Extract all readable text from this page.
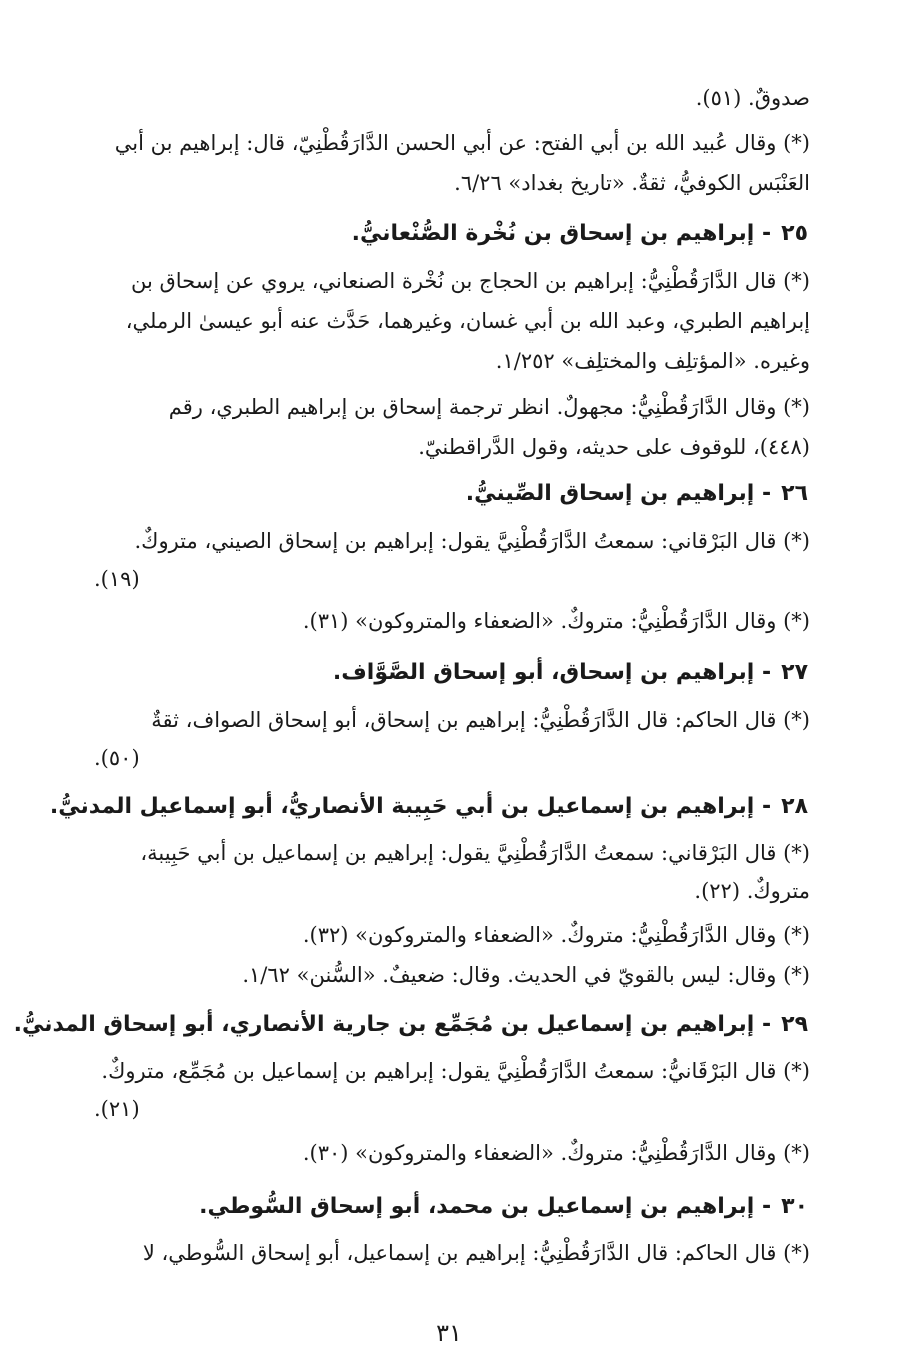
صدوقٌ. (٥١).
(*) وقال عُبيد الله بن أبي الفتح: عن أبي الحسن الدَّارَقُطْنِيّ، قال: إبراهيم بن أبي
العَنْبَس الكوفيُّ، ثقةٌ. «تاريخ بغداد» ٦/٢٦.
٢٥- إبراهيم بن إسحاق بن نُخْرة الصُّنْعانيُّ.
(*) قال الدَّارَقُطْنِيُّ: إبراهيم بن الحجاج بن نُخْرة الصنعاني، يروي عن إسحاق بن
إبراهيم الطبري، وعبد الله بن أبي غسان، وغيرهما، حَدَّث عنه أبو عيسىٰ الرملي،
وغيره. «المؤتلِف والمختلِف» ١/٢٥٢.
(*) وقال الدَّارَقُطْنِيُّ: مجهولٌ. انظر ترجمة إسحاق بن إبراهيم الطبري، رقم
(٤٤٨)، للوقوف على حديثه، وقول الدَّراقطنيّ.
٢٦- إبراهيم بن إسحاق الصِّينيُّ.
(*) قال البَرْقاني: سمعتُ الدَّارَقُطْنِيَّ يقول: إبراهيم بن إسحاق الصيني، متروكٌ.
(١٩).
(*) وقال الدَّارَقُطْنِيُّ: متروكٌ. «الضعفاء والمتروكون» (٣١).
٢٧- إبراهيم بن إسحاق، أبو إسحاق الصَّوَّاف.
(*) قال الحاكم: قال الدَّارَقُطْنِيُّ: إبراهيم بن إسحاق، أبو إسحاق الصواف، ثقةٌ
(٥٠).
٢٨- إبراهيم بن إسماعيل بن أبي حَبِيبة الأنصاريُّ، أبو إسماعيل المدنيُّ.
(*) قال البَرْقاني: سمعتُ الدَّارَقُطْنِيَّ يقول: إبراهيم بن إسماعيل بن أبي حَبِيبة،
متروكٌ. (٢٢).
(*) وقال الدَّارَقُطْنِيُّ: متروكٌ. «الضعفاء والمتروكون» (٣٢).
(*) وقال: ليس بالقويّ في الحديث. وقال: ضعيفٌ. «السُّنن» ١/٦٢.
٢٩- إبراهيم بن إسماعيل بن مُجَمِّع بن جارية الأنصاري، أبو إسحاق المدنيُّ.
(*) قال البَرْقَانيُّ: سمعتُ الدَّارَقُطْنِيَّ يقول: إبراهيم بن إسماعيل بن مُجَمِّع، متروكٌ.
(٢١).
(*) وقال الدَّارَقُطْنِيُّ: متروكٌ. «الضعفاء والمتروكون» (٣٠).
٣٠- إبراهيم بن إسماعيل بن محمد، أبو إسحاق السُّوطي.
(*) قال الحاكم: قال الدَّارَقُطْنِيُّ: إبراهيم بن إسماعيل، أبو إسحاق السُّوطي، لا
٣١
